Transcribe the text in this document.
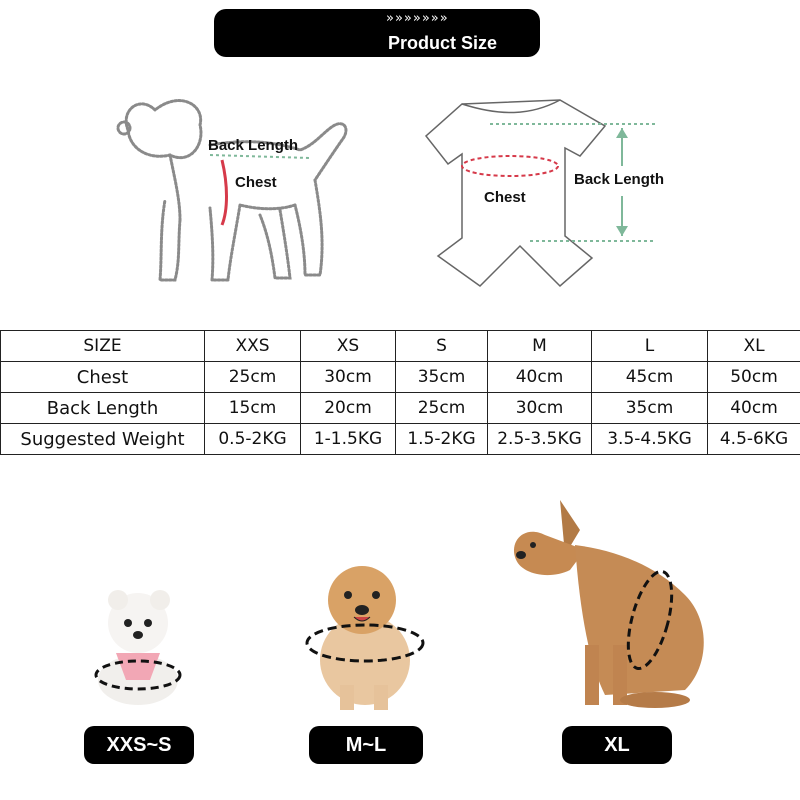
»»»»»»»
Product Size
Back Length
Chest
Chest
Back Length
SIZE	XXS	XS	S	M	L	XL
Chest	25cm	30cm	35cm	40cm	45cm	50cm
Back Length	15cm	20cm	25cm	30cm	35cm	40cm
Suggested Weight	0.5-2KG	1-1.5KG	1.5-2KG	2.5-3.5KG	3.5-4.5KG	4.5-6KG
XXS~S	M~L	XL
